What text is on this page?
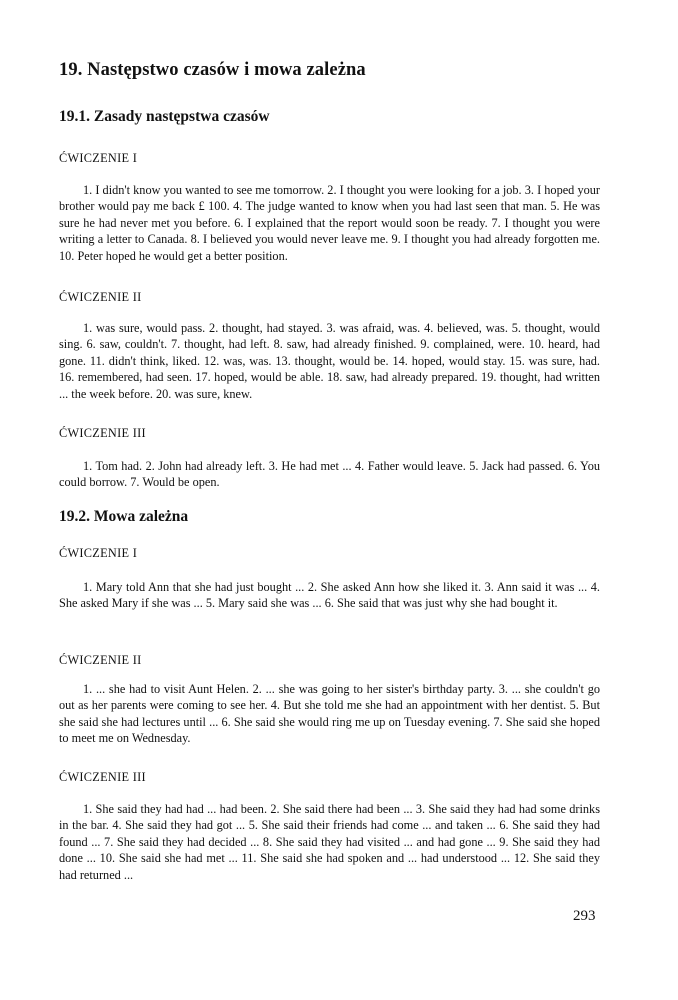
19. Następstwo czasów i mowa zależna
19.1. Zasady następstwa czasów
ĆWICZENIE I

1. I didn't know you wanted to see me tomorrow. 2. I thought you were looking for a job. 3. I hoped your brother would pay me back £ 100. 4. The judge wanted to know when you had last seen that man. 5. He was sure he had never met you before. 6. I explained that the report would soon be ready. 7. I thought you were writing a letter to Canada. 8. I believed you would never leave me. 9. I thought you had already forgotten me. 10. Peter hoped he would get a better position.

ĆWICZENIE II

1. was sure, would pass. 2. thought, had stayed. 3. was afraid, was. 4. believed, was. 5. thought, would sing. 6. saw, couldn't. 7. thought, had left. 8. saw, had already finished. 9. complained, were. 10. heard, had gone. 11. didn't think, liked. 12. was, was. 13. thought, would be. 14. hoped, would stay. 15. was sure, had. 16. remembered, had seen. 17. hoped, would be able. 18. saw, had already prepared. 19. thought, had written ... the week before. 20. was sure, knew.

ĆWICZENIE III

1. Tom had. 2. John had already left. 3. He had met ... 4. Father would leave. 5. Jack had passed. 6. You could borrow. 7. Would be open.

19.2. Mowa zależna
ĆWICZENIE I

1. Mary told Ann that she had just bought ... 2. She asked Ann how she liked it. 3. Ann said it was ... 4. She asked Mary if she was ... 5. Mary said she was ... 6. She said that was just why she had bought it.

ĆWICZENIE II

1. ... she had to visit Aunt Helen. 2. ... she was going to her sister's birthday party. 3. ... she couldn't go out as her parents were coming to see her. 4. But she told me she had an appointment with her dentist. 5. But she said she had lectures until ... 6. She said she would ring me up on Tuesday evening. 7. She said she hoped to meet me on Wednesday.

ĆWICZENIE III

1. She said they had had ... had been. 2. She said there had been ... 3. She said they had had some drinks in the bar. 4. She said they had got ... 5. She said their friends had come ... and taken ... 6. She said they had found ... 7. She said they had decided ... 8. She said they had visited ... and had gone ... 9. She said they had done ... 10. She said she had met ... 11. She said she had spoken and ... had understood ... 12. She said they had returned ...

293
